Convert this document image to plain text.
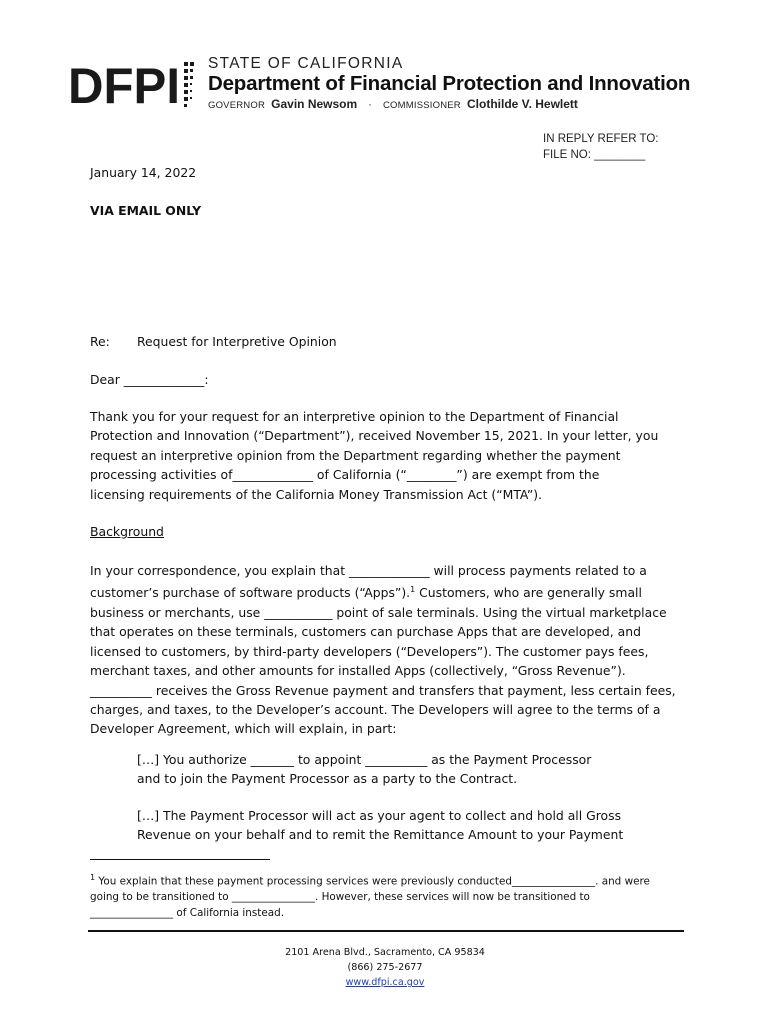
DFPI STATE OF CALIFORNIA
Department of Financial Protection and Innovation
GOVERNOR Gavin Newsom · COMMISSIONER Clothilde V. Hewlett
IN REPLY REFER TO:
FILE NO: ________
January 14, 2022
VIA EMAIL ONLY
Re: Request for Interpretive Opinion
Dear _____________:
Thank you for your request for an interpretive opinion to the Department of Financial
Protection and Innovation (“Department”), received November 15, 2021. In your letter, you
request an interpretive opinion from the Department regarding whether the payment
processing activities of_____________ of California (“________”) are exempt from the
licensing requirements of the California Money Transmission Act (“MTA”).
Background
In your correspondence, you explain that _____________ will process payments related to a
customer’s purchase of software products (“Apps”).$^1$ Customers, who are generally small
business or merchants, use ___________ point of sale terminals. Using the virtual marketplace
that operates on these terminals, customers can purchase Apps that are developed, and
licensed to customers, by third-party developers (“Developers”). The customer pays fees,
merchant taxes, and other amounts for installed Apps (collectively, “Gross Revenue”).
__________ receives the Gross Revenue payment and transfers that payment, less certain fees,
charges, and taxes, to the Developer’s account. The Developers will agree to the terms of a
Developer Agreement, which will explain, in part:
[…] You authorize _______ to appoint __________ as the Payment Processor
and to join the Payment Processor as a party to the Contract.
[…] The Payment Processor will act as your agent to collect and hold all Gross
Revenue on your behalf and to remit the Remittance Amount to your Payment
$^1$ You explain that these payment processing services were previously conducted________________. and were
going to be transitioned to ________________. However, these services will now be transitioned to
________________ of California instead.
2101 Arena Blvd., Sacramento, CA 95834
(866) 275-2677
www.dfpi.ca.gov
